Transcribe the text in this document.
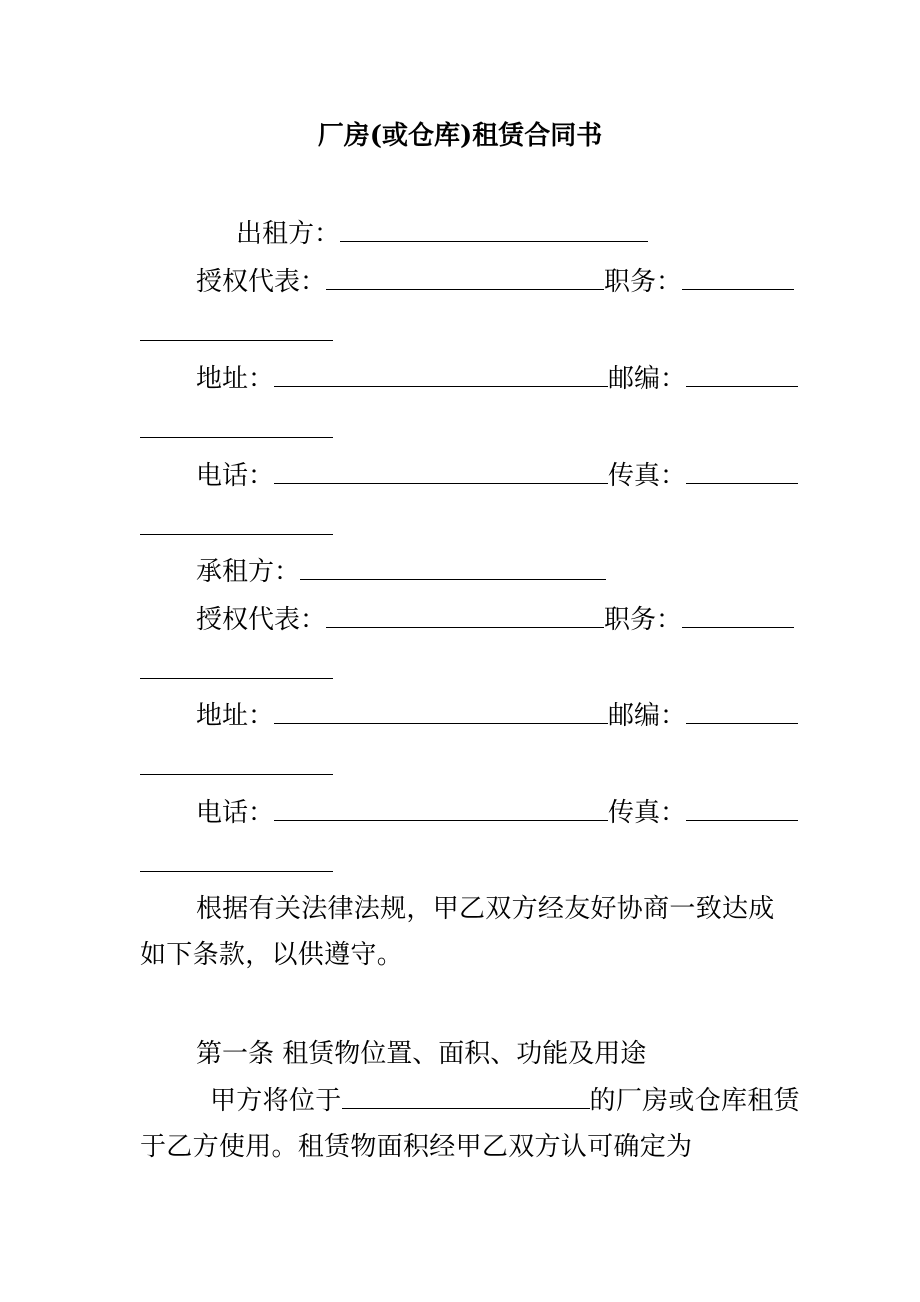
厂房(或仓库)租赁合同书
出租方：
授权代表：	职务：
地址：	邮编：
电话：	传真：
承租方：
授权代表：	职务：
地址：	邮编：
电话：	传真：
根据有关法律法规，甲乙双方经友好协商一致达成如下条款，以供遵守。
第一条 租赁物位置、面积、功能及用途
甲方将位于	的厂房或仓库租赁于乙方使用。租赁物面积经甲乙双方认可确定为
